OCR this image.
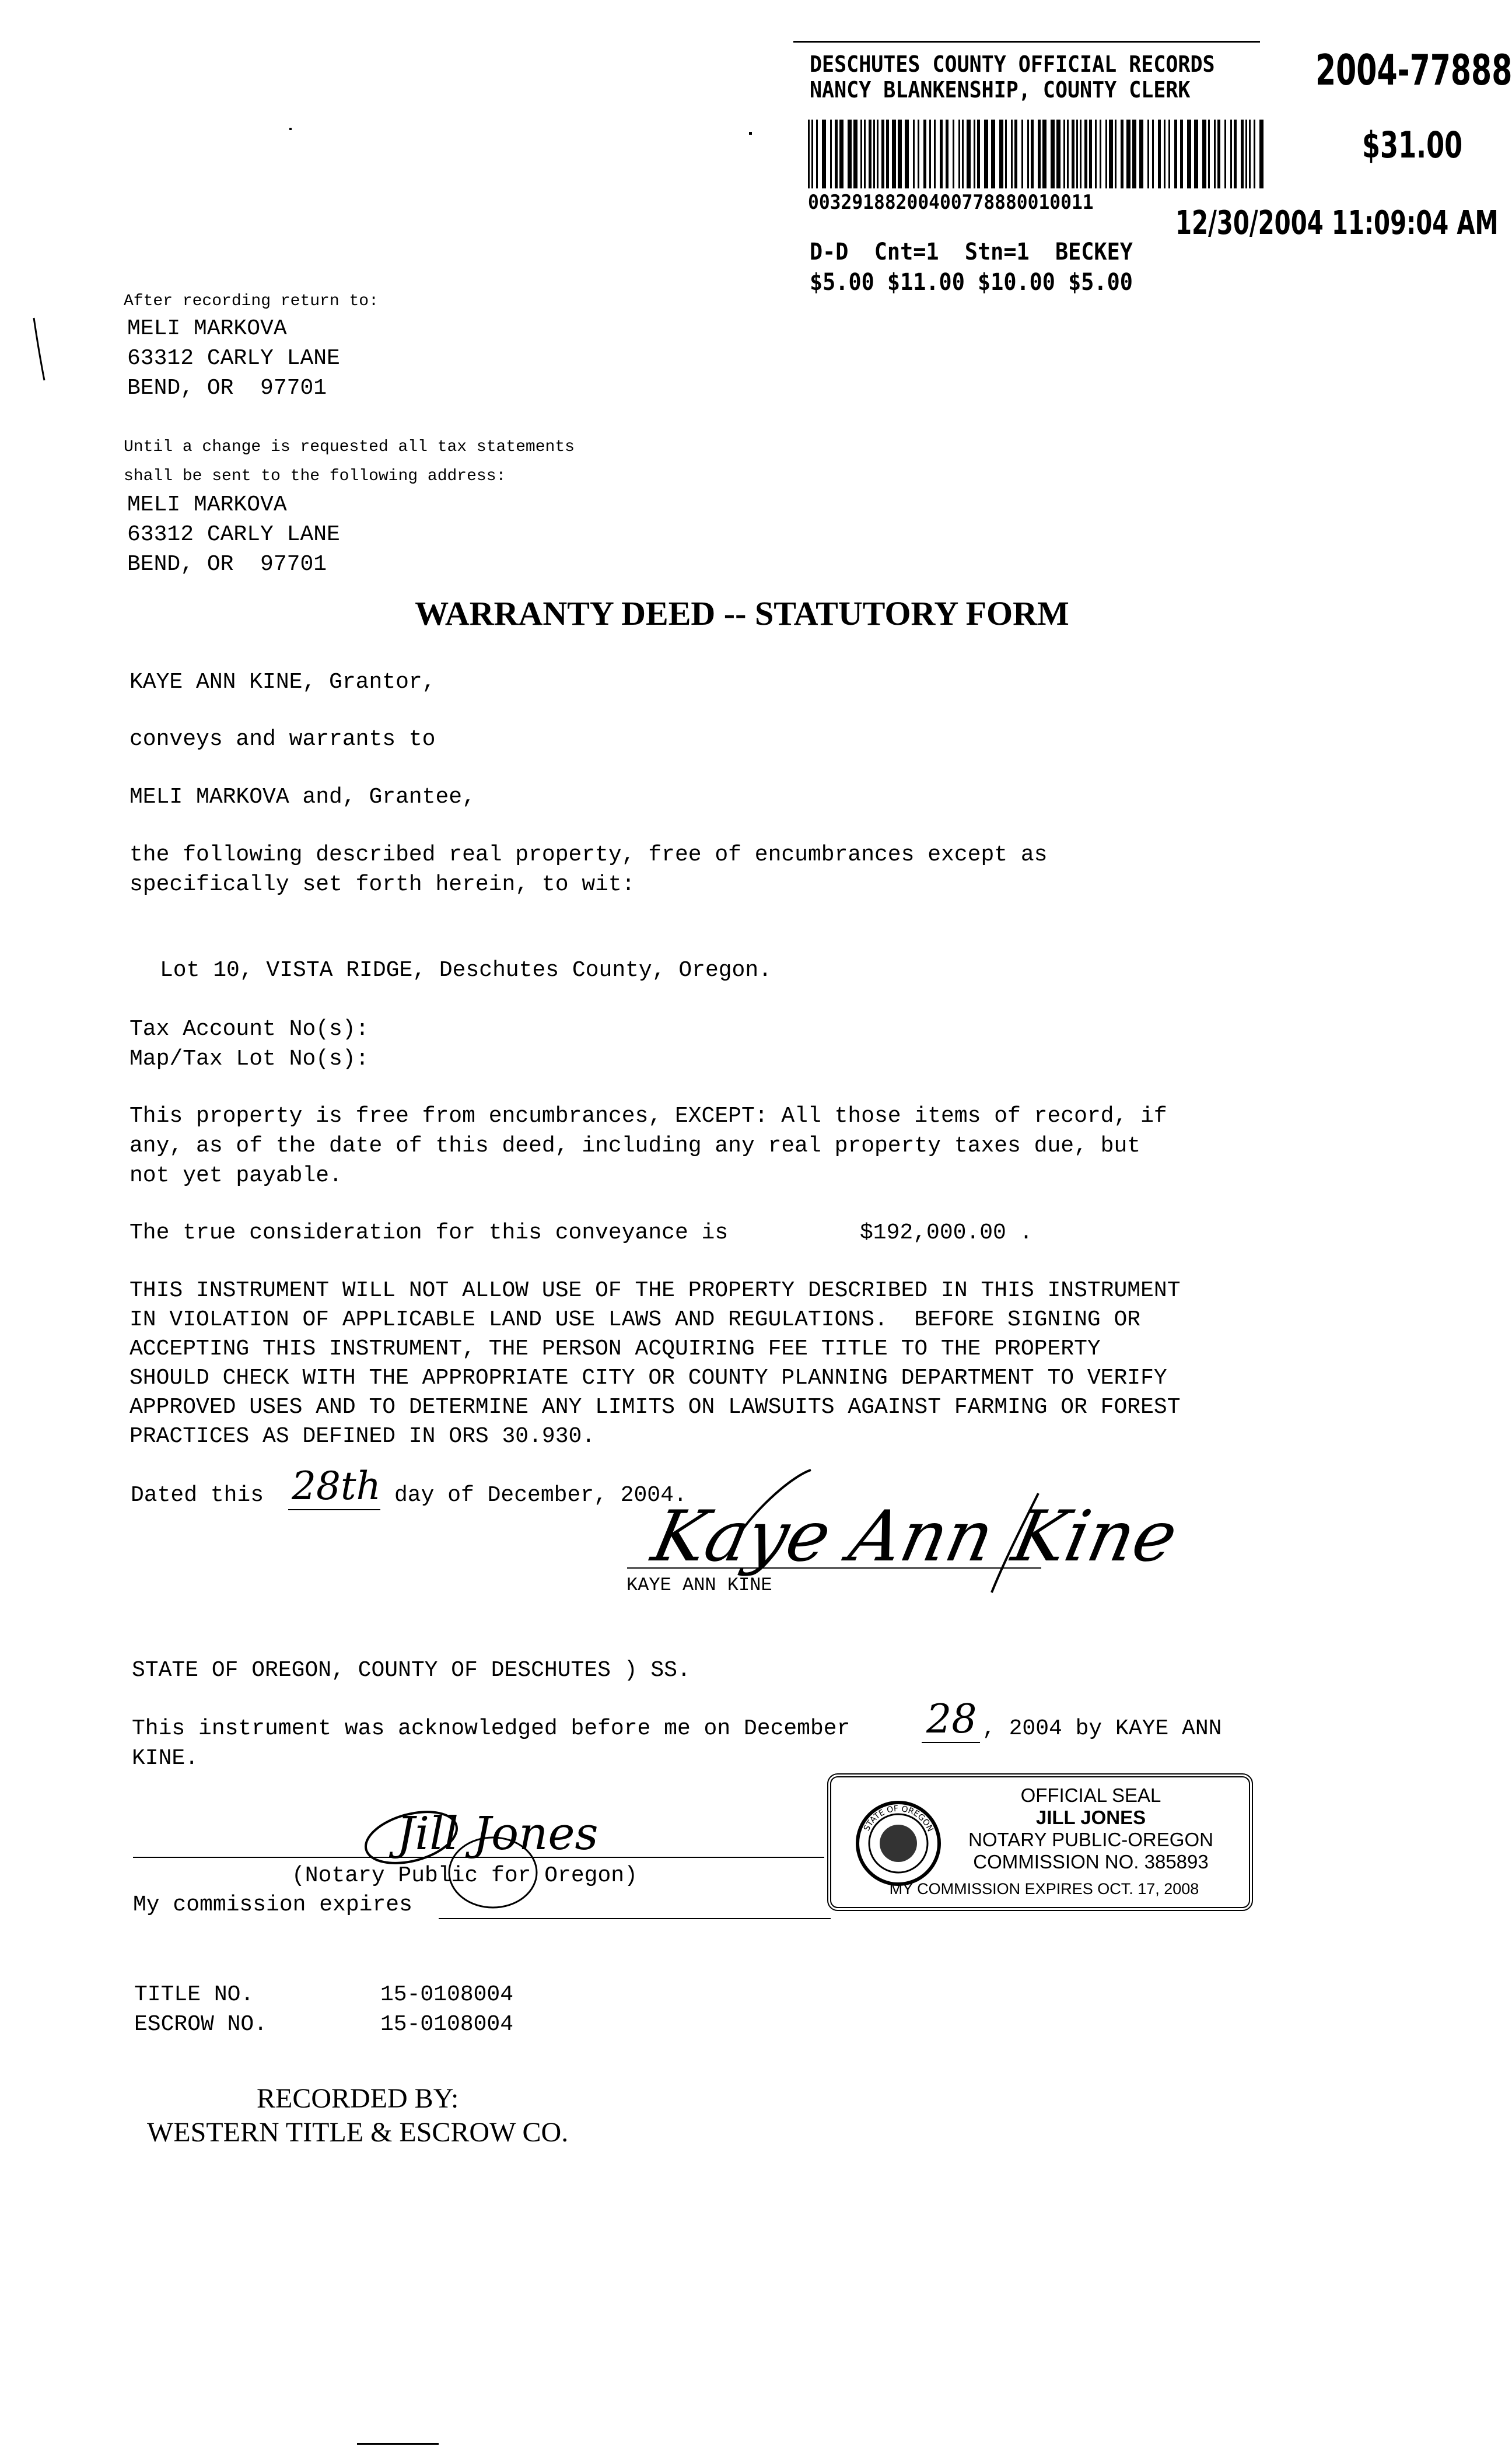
DESCHUTES COUNTY OFFICIAL RECORDS
NANCY BLANKENSHIP, COUNTY CLERK	2004-77888
$31.00
00329188200400778880010011
12/30/2004 11:09:04 AM
D-D  Cnt=1  Stn=1  BECKEY
$5.00 $11.00 $10.00 $5.00
After recording return to:
MELI MARKOVA
63312 CARLY LANE
BEND, OR  97701
Until a change is requested all tax statements
shall be sent to the following address:
MELI MARKOVA
63312 CARLY LANE
BEND, OR  97701
WARRANTY DEED -- STATUTORY FORM
KAYE ANN KINE, Grantor,
conveys and warrants to
MELI MARKOVA and, Grantee,
the following described real property, free of encumbrances except as
specifically set forth herein, to wit:
Lot 10, VISTA RIDGE, Deschutes County, Oregon.
Tax Account No(s):
Map/Tax Lot No(s):
This property is free from encumbrances, EXCEPT: All those items of record, if
any, as of the date of this deed, including any real property taxes due, but
not yet payable.
The true consideration for this conveyance is	$192,000.00 .
THIS INSTRUMENT WILL NOT ALLOW USE OF THE PROPERTY DESCRIBED IN THIS INSTRUMENT
IN VIOLATION OF APPLICABLE LAND USE LAWS AND REGULATIONS.  BEFORE SIGNING OR
ACCEPTING THIS INSTRUMENT, THE PERSON ACQUIRING FEE TITLE TO THE PROPERTY
SHOULD CHECK WITH THE APPROPRIATE CITY OR COUNTY PLANNING DEPARTMENT TO VERIFY
APPROVED USES AND TO DETERMINE ANY LIMITS ON LAWSUITS AGAINST FARMING OR FOREST
PRACTICES AS DEFINED IN ORS 30.930.
Dated this 28th day of December, 2004.
Kaye Ann Kine
KAYE ANN KINE
STATE OF OREGON, COUNTY OF DESCHUTES ) SS.
This instrument was acknowledged before me on December 28 , 2004 by KAYE ANN
KINE.
Jill Jones
(Notary Public for Oregon)
My commission expires
STATE OF OREGON
OFFICIAL SEAL
JILL JONES
NOTARY PUBLIC-OREGON
COMMISSION NO. 385893
MY COMMISSION EXPIRES OCT. 17, 2008
TITLE NO.	15-0108004
ESCROW NO.	15-0108004
RECORDED BY:
WESTERN TITLE & ESCROW CO.
